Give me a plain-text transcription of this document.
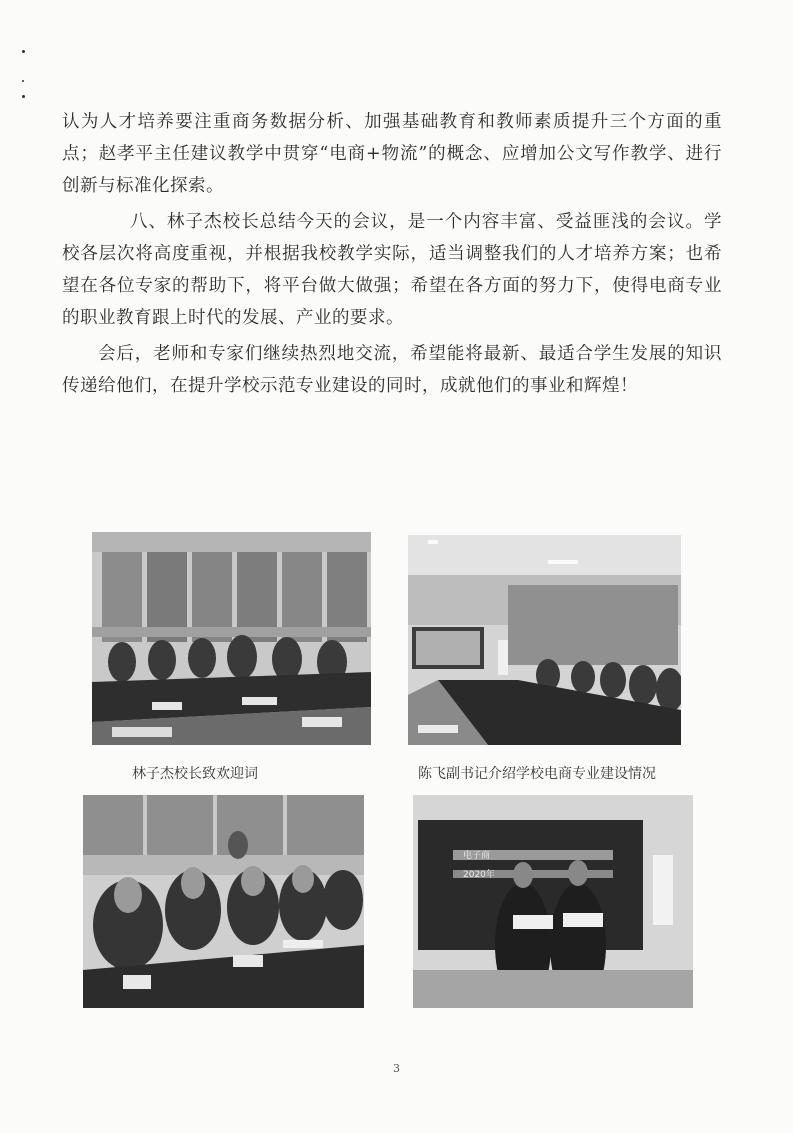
认为人才培养要注重商务数据分析、加强基础教育和教师素质提升三个方面的重点；赵孝平主任建议教学中贯穿“电商+物流”的概念、应增加公文写作教学、进行创新与标准化探索。

八、林子杰校长总结今天的会议，是一个内容丰富、受益匪浅的会议。学校各层次将高度重视，并根据我校教学实际，适当调整我们的人才培养方案；也希望在各位专家的帮助下，将平台做大做强；希望在各方面的努力下，使得电商专业的职业教育跟上时代的发展、产业的要求。

会后，老师和专家们继续热烈地交流，希望能将最新、最适合学生发展的知识传递给他们，在提升学校示范专业建设的同时，成就他们的事业和辉煌！

林子杰校长致欢迎词	陈飞副书记介绍学校电商专业建设情况
电子商
2020年
3
